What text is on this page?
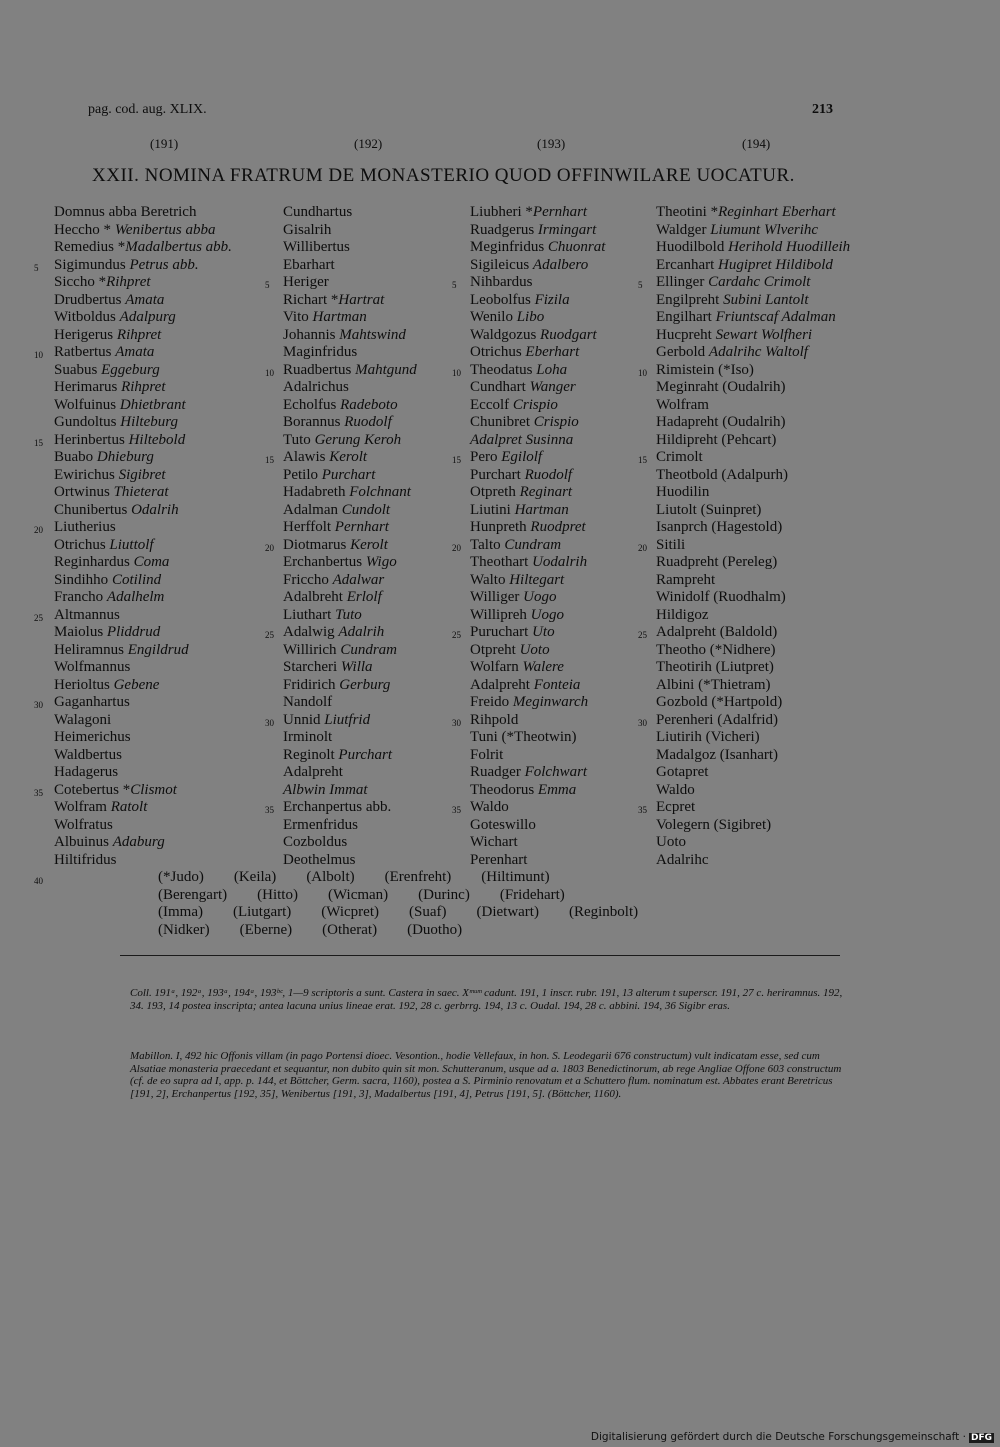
pag. cod. aug. XLIX.	213
(191)	(192)	(193)	(194)
XXII. NOMINA FRATRUM DE MONASTERIO QUOD OFFINWILARE UOCATUR.
Domnus abba Beretrich
Heccho * Wenibertus abba
Remedius *Madalbertus abb.
5 Sigimundus Petrus abb.
Siccho *Rihpret
Drudbertus Amata
Witboldus Adalpurg
Herigerus Rihpret
10 Ratbertus Amata
Suabus Eggeburg
Herimarus Rihpret
Wolfuinus Dhietbrant
Gundoltus Hilteburg
15 Herinbertus Hiltebold
Buabo Dhieburg
Ewirichus Sigibret
Ortwinus Thieterat
Chunibertus Odalrih
20 Liutherius
Otrichus Liuttolf
Reginhardus Coma
Sindihho Cotilind
Francho Adalhelm
25 Altmannus
Maiolus Pliddrud
Heliramnus Engildrud
Wolfmannus
Herioltus Gebene
30 Gaganhartus
Walagoni
Heimerichus
Waldbertus
Hadagerus
35 Cotebertus *Clismot
Wolfram Ratolt
Wolfratus
Albuinus Adaburg
Hiltifridus
Cundhartus
Gisalrih
Willibertus
Ebarhart
5 Heriger
Richart *Hartrat
Vito Hartman
Johannis Mahtswind
Maginfridus
10 Ruadbertus Mahtgund
Adalrichus
Echolfus Radeboto
Borannus Ruodolf
Tuto Gerung Keroh
15 Alawis Kerolt
Petilo Purchart
Hadabreth Folchnant
Adalman Cundolt
Herffolt Pernhart
20 Diotmarus Kerolt
Erchanbertus Wigo
Friccho Adalwar
Adalbreht Erlolf
Liuthart Tuto
25 Adalwig Adalrih
Willirich Cundram
Starcheri Willa
Fridirich Gerburg
Nandolf
30 Unnid Liutfrid
Irminolt
Reginolt Purchart
Adalpreht
Albwin Immat
35 Erchanpertus abb.
Ermenfridus
Cozboldus
Deothelmus
Liubheri *Pernhart
Ruadgerus Irmingart
Meginfridus Chuonrat
Sigileicus Adalbero
5 Nihbardus
Leobolfus Fizila
Wenilo Libo
Waldgozus Ruodgart
Otrichus Eberhart
10 Theodatus Loha
Cundhart Wanger
Eccolf Crispio
Chunibret Crispio
Adalpret Susinna
15 Pero Egilolf
Purchart Ruodolf
Otpreth Reginart
Liutini Hartman
Hunpreth Ruodpret
20 Talto Cundram
Theothart Uodalrih
Walto Hiltegart
Williger Uogo
Willipreh Uogo
25 Puruchart Uto
Otpreht Uoto
Wolfarn Walere
Adalpreht Fonteia
Freido Meginwarch
30 Rihpold
Tuni (*Theotwin)
Folrit
Ruadger Folchwart
Theodorus Emma
35 Waldo
Goteswillo
Wichart
Perenhart
Theotini *Reginhart Eberhart
Waldger Liumunt Wlverihc
Huodilbold Herihold Huodilleih
Ercanhart Hugipret Hildibold
5 Ellinger Cardahc Crimolt
Engilpreht Subini Lantolt
Engilhart Friuntscaf Adalman
Hucpreht Sewart Wolfheri
Gerbold Adalrihc Waltolf
10 Rimistein (*Iso)
Meginraht (Oudalrih)
Wolfram
Hadapreht (Oudalrih)
Hildipreht (Pehcart)
15 Crimolt
Theotbold (Adalpurh)
Huodilin
Liutolt (Suinpret)
Isanprch (Hagestold)
20 Sitili
Ruadpreht (Pereleg)
Rampreht
Winidolf (Ruodhalm)
Hildigoz
25 Adalpreht (Baldold)
Theotho (*Nidhere)
Theotirih (Liutpret)
Albini (*Thietram)
Gozbold (*Hartpold)
30 Perenheri (Adalfrid)
Liutirih (Vicheri)
Madalgoz (Isanhart)
Gotapret
Waldo
35 Ecpret
Volegern (Sigibret)
Uoto
Adalrihc
40	(*Judo) (Keila) (Albolt) (Erenfreht) (Hiltimunt)
(Berengart) (Hitto) (Wicman) (Durinc) (Fridehart)
(Imma) (Liutgart) (Wicpret) (Suaf) (Dietwart) (Reginbolt)
(Nidker) (Eberne) (Otherat) (Duotho)
Coll. 191ᵃ, 192ᵃ, 193ᵃ, 194ᵃ, 193ᵇᶜ, 1—9 scriptoris a sunt. Castera in saec. Xᵐᵘᵐ cadunt. 191, 1 inscr. rubr. 191, 13 alterum t superscr. 191, 27 c. heriramnus. 192, 34. 193, 14 postea inscripta; antea lacuna unius lineae erat. 192, 28 c. gerbrrg. 194, 13 c. Oudal. 194, 28 c. abbini. 194, 36 Sigibr eras.
Mabillon. I, 492 hic Offonis villam (in pago Portensi dioec. Vesontion., hodie Vellefaux, in hon. S. Leodegarii 676 constructum) vult indicatam esse, sed cum Alsatiae monasteria praecedant et sequantur, non dubito quin sit mon. Schutteranum, usque ad a. 1803 Benedictinorum, ab rege Angliae Offone 603 constructum (cf. de eo supra ad I, app. p. 144, et Böttcher, Germ. sacra, 1160), postea a S. Pirminio renovatum et a Schuttero flum. nominatum est. Abbates erant Beretricus [191, 2], Erchanpertus [192, 35], Wenibertus [191, 3], Madalbertus [191, 4], Petrus [191, 5]. (Böttcher, 1160).
Digitalisierung gefördert durch die Deutsche Forschungsgemeinschaft · DFG
